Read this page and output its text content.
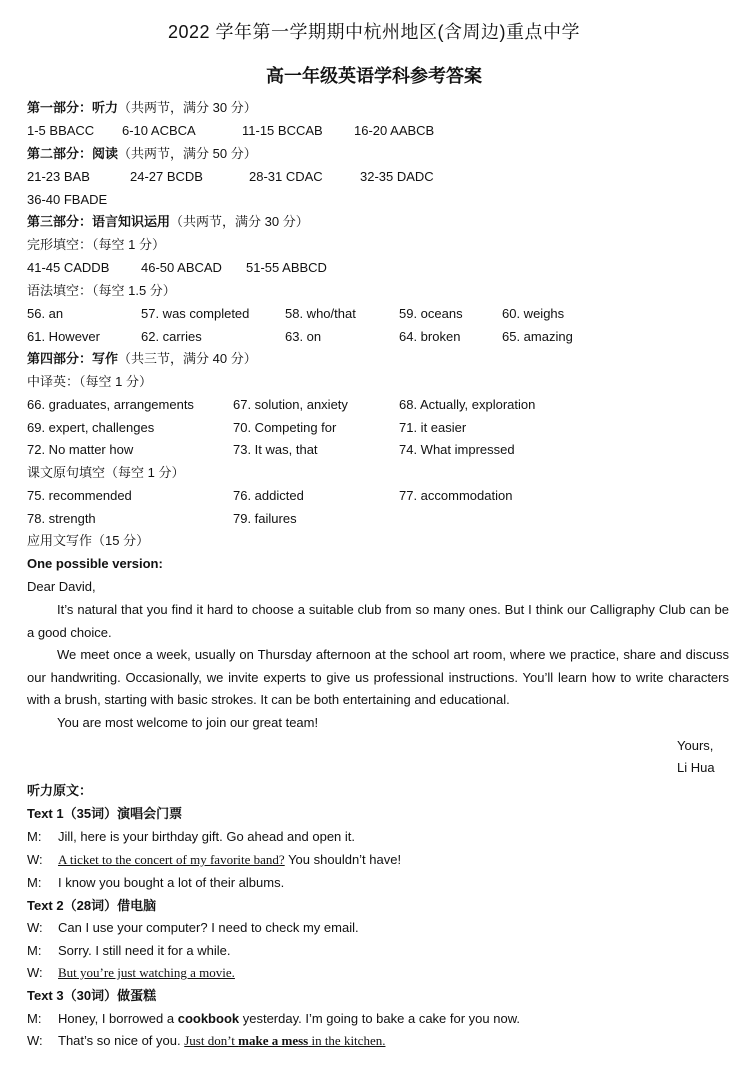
2022 学年第一学期期中杭州地区(含周边)重点中学
高一年级英语学科参考答案
第一部分：听力（共两节，满分 30 分）
1-5 BBACC 6-10 ACBCA	11-15 BCCAB 16-20 AABCB
第二部分：阅读（共两节，满分 50 分）
21-23 BAB	24-27 BCDB	28-31 CDAC	32-35 DADC
36-40 FBADE
第三部分：语言知识运用（共两节，满分 30 分）
完形填空：（每空 1 分）
41-45 CADDB 46-50 ABCAD 51-55 ABBCD
语法填空：（每空 1.5 分）
56. an	57. was completed	58. who/that	59. oceans	60. weighs
61. However	62. carries	63. on	64. broken	65. amazing
第四部分：写作（共三节，满分 40 分）
中译英：（每空 1 分）
66. graduates, arrangements	67. solution, anxiety	68. Actually, exploration
69. expert, challenges	70. Competing for	71. it easier
72. No matter how	73. It was, that	74. What impressed
课文原句填空（每空 1 分）
75. recommended	76. addicted	77. accommodation
78. strength	79. failures
应用文写作（15 分）
One possible version:
Dear David,
It’s natural that you find it hard to choose a suitable club from so many ones. But I think our Calligraphy Club can be a good choice.
We meet once a week, usually on Thursday afternoon at the school art room, where we practice, share and discuss our handwriting. Occasionally, we invite experts to give us professional instructions. You’ll learn how to write characters with a brush, starting with basic strokes. It can be both entertaining and educational.
You are most welcome to join our great team!
Yours,
Li Hua
听力原文：
Text 1（35词）演唱会门票
M: Jill, here is your birthday gift. Go ahead and open it.
W: A ticket to the concert of my favorite band? You shouldn’t have!
M: I know you bought a lot of their albums.
Text 2（28词）借电脑
W: Can I use your computer? I need to check my email.
M: Sorry. I still need it for a while.
W: But you’re just watching a movie.
Text 3（30词）做蛋糕
M: Honey, I borrowed a cookbook yesterday. I’m going to bake a cake for you now.
W: That’s so nice of you. Just don’t make a mess in the kitchen.
